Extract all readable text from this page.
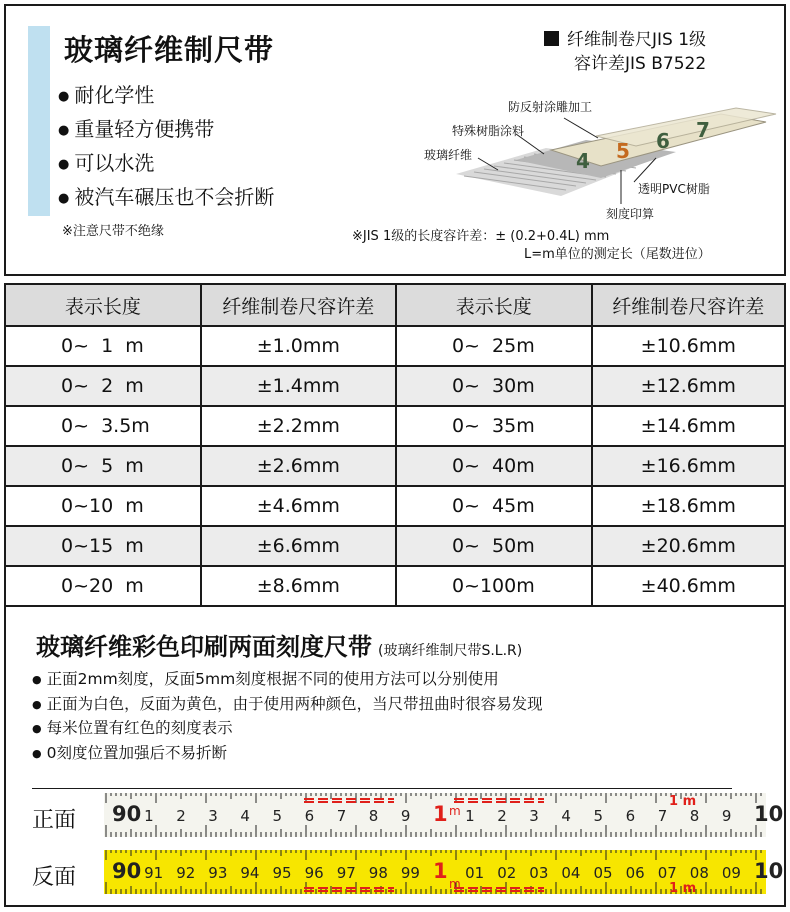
玻璃纤维制尺带
● 耐化学性
● 重量轻方便携带
● 可以水洗
● 被汽车碾压也不会折断
※注意尺带不绝缘
纤维制卷尺JIS 1级
容许差JIS B7522
4 5 6 7
防反射涂雕加工
特殊树脂涂料
玻璃纤维
透明PVC树脂
刻度印算
※JIS 1级的长度容许差：± (0.2+0.4L) mm
L=m单位的测定长（尾数进位）
表示长度	纤维制卷尺容许差	表示长度	纤维制卷尺容许差
0~  1  m	±1.0mm	0~  25m	±10.6mm
0~  2  m	±1.4mm	0~  30m	±12.6mm
0~  3.5m	±2.2mm	0~  35m	±14.6mm
0~  5  m	±2.6mm	0~  40m	±16.6mm
0~10  m	±4.6mm	0~  45m	±18.6mm
0~15  m	±6.6mm	0~  50m	±20.6mm
0~20  m	±8.6mm	0~100m	±40.6mm
玻璃纤维彩色印刷两面刻度尺带 (玻璃纤维制尺带S.L.R)
● 正面2mm刻度，反面5mm刻度根据不同的使用方法可以分别使用
● 正面为白色，反面为黄色，由于使用两种颜色，当尺带扭曲时很容易发现
● 每米位置有红色的刻度表示
● 0刻度位置加强后不易折断
正面 90 1 2 3 4 5 6 7 8 9 1 m 1 2 3 4 5 6 7 8 9 10
1 m
反面 90 91 92 93 94 95 96 97 98 99 1
m
01 02 03 04 05 06 07 08 09 10
1 m
